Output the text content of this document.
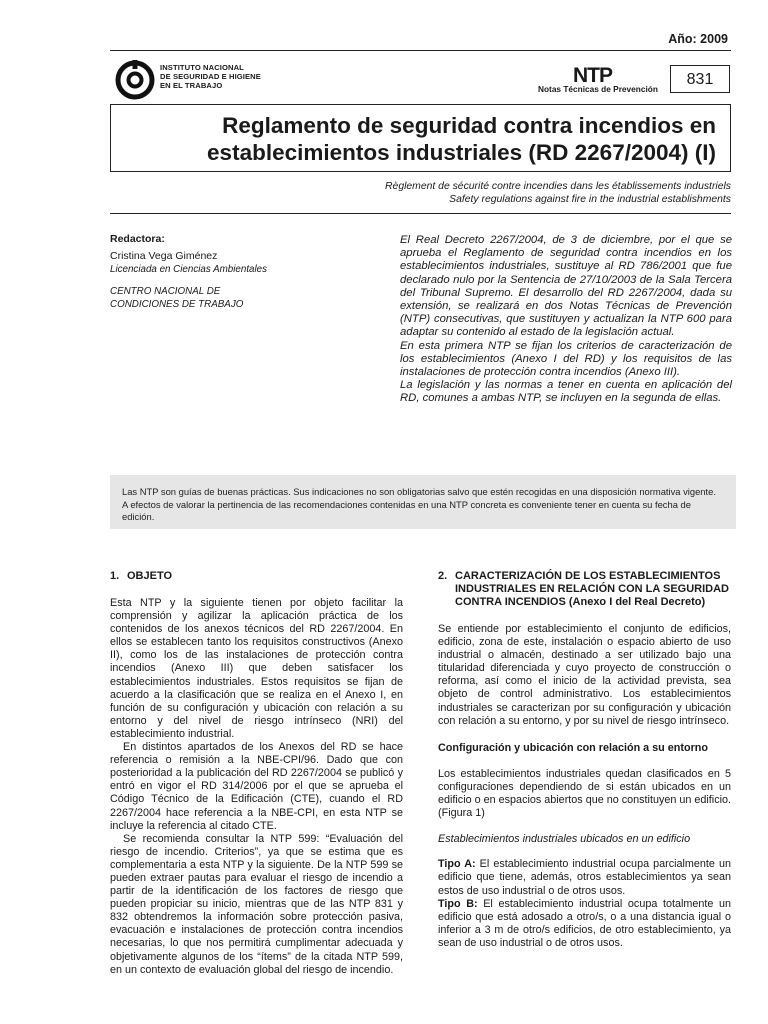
Año: 2009
INSTITUTO NACIONAL
DE SEGURIDAD E HIGIENE
EN EL TRABAJO	NTP
Notas Técnicas de Prevención
831
Reglamento de seguridad contra incendios en
establecimientos industriales (RD 2267/2004) (I)
Règlement de sécurité contre incendies dans les établissements industriels
Safety regulations against fire in the industrial establishments
Redactora:
Cristina Vega Giménez
Licenciada en Ciencias Ambientales
CENTRO NACIONAL DE
CONDICIONES DE TRABAJO

El Real Decreto 2267/2004, de 3 de diciembre, por el que se aprueba el Reglamento de seguridad contra incendios en los establecimientos industriales, sustituye al RD 786/2001 que fue declarado nulo por la Sentencia de 27/10/2003 de la Sala Tercera del Tribunal Supremo. El desarrollo del RD 2267/2004, dada su extensión, se realizará en dos Notas Técnicas de Prevención (NTP) consecutivas, que sustituyen y actualizan la NTP 600 para adaptar su contenido al estado de la legislación actual.

En esta primera NTP se fijan los criterios de caracterización de los establecimientos (Anexo I del RD) y los requisitos de las instalaciones de protección contra incendios (Anexo III).

La legislación y las normas a tener en cuenta en aplicación del RD, comunes a ambas NTP, se incluyen en la segunda de ellas.

Las NTP son guías de buenas prácticas. Sus indicaciones no son obligatorias salvo que estén recogidas en una disposición normativa vigente. A efectos de valorar la pertinencia de las recomendaciones contenidas en una NTP concreta es conveniente tener en cuenta su fecha de edición.
1. OBJETO

Esta NTP y la siguiente tienen por objeto facilitar la comprensión y agilizar la aplicación práctica de los contenidos de los anexos técnicos del RD 2267/2004. En ellos se establecen tanto los requisitos constructivos (Anexo II), como los de las instalaciones de protección contra incendios (Anexo III) que deben satisfacer los establecimientos industriales. Estos requisitos se fijan de acuerdo a la clasificación que se realiza en el Anexo I, en función de su configuración y ubicación con relación a su entorno y del nivel de riesgo intrínseco (NRI) del establecimiento industrial.

En distintos apartados de los Anexos del RD se hace referencia o remisión a la NBE-CPI/96. Dado que con posterioridad a la publicación del RD 2267/2004 se publicó y entró en vigor el RD 314/2006 por el que se aprueba el Código Técnico de la Edificación (CTE), cuando el RD 2267/2004 hace referencia a la NBE-CPI, en esta NTP se incluye la referencia al citado CTE.

Se recomienda consultar la NTP 599: “Evaluación del riesgo de incendio. Criterios”, ya que se estima que es complementaria a esta NTP y la siguiente. De la NTP 599 se pueden extraer pautas para evaluar el riesgo de incendio a partir de la identificación de los factores de riesgo que pueden propiciar su inicio, mientras que de las NTP 831 y 832 obtendremos la información sobre protección pasiva, evacuación e instalaciones de protección contra incendios necesarias, lo que nos permitirá cumplimentar adecuada y objetivamente algunos de los “ítems” de la citada NTP 599, en un contexto de evaluación global del riesgo de incendio.

2. CARACTERIZACIÓN DE LOS ESTABLECIMIENTOS INDUSTRIALES EN RELACIÓN CON LA SEGURIDAD CONTRA INCENDIOS (Anexo I del Real Decreto)

Se entiende por establecimiento el conjunto de edificios, edificio, zona de este, instalación o espacio abierto de uso industrial o almacén, destinado a ser utilizado bajo una titularidad diferenciada y cuyo proyecto de construcción o reforma, así como el inicio de la actividad prevista, sea objeto de control administrativo. Los establecimientos industriales se caracterizan por su configuración y ubicación con relación a su entorno, y por su nivel de riesgo intrínseco.

Configuración y ubicación con relación a su entorno

Los establecimientos industriales quedan clasificados en 5 configuraciones dependiendo de si están ubicados en un edificio o en espacios abiertos que no constituyen un edificio. (Figura 1)

Establecimientos industriales ubicados en un edificio

Tipo A: El establecimiento industrial ocupa parcialmente un edificio que tiene, además, otros establecimientos ya sean estos de uso industrial o de otros usos.

Tipo B: El establecimiento industrial ocupa totalmente un edificio que está adosado a otro/s, o a una distancia igual o inferior a 3 m de otro/s edificios, de otro establecimiento, ya sean de uso industrial o de otros usos.
